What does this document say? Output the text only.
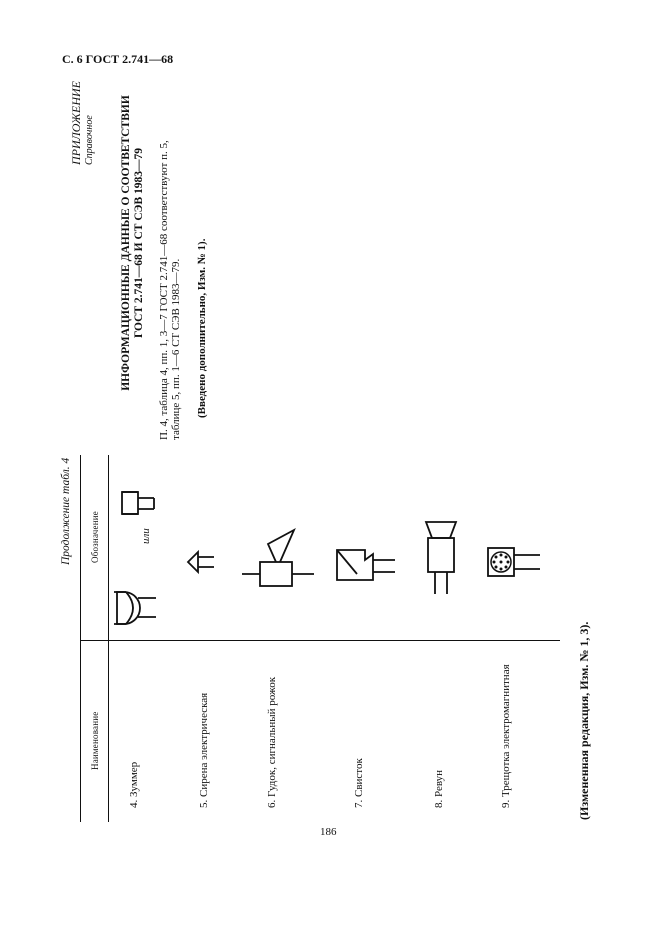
С. 6 ГОСТ 2.741—68
ПРИЛОЖЕНИЕ Справочное ИНФОРМАЦИОННЫЕ ДАННЫЕ О СООТВЕТСТВИИ ГОСТ 2.741—68 И СТ СЭВ 1983—79 П. 4, таблица 4, пп. 1, 3—7 ГОСТ 2.741—68 соответствуют п. 5, таблице 5, пп. 1—6 СТ СЭВ 1983—79. (Введено дополнительно, Изм. № 1).
Продолжение табл. 4
Наименование
Обозначение
4. Зуммер	5. Сирена электрическая	6. Гудок, сигнальный рожок	7. Свисток	8. Ревун	9. Трещотка электромагнитная
или
(Измененная редакция, Изм. № 1, 3).
186
